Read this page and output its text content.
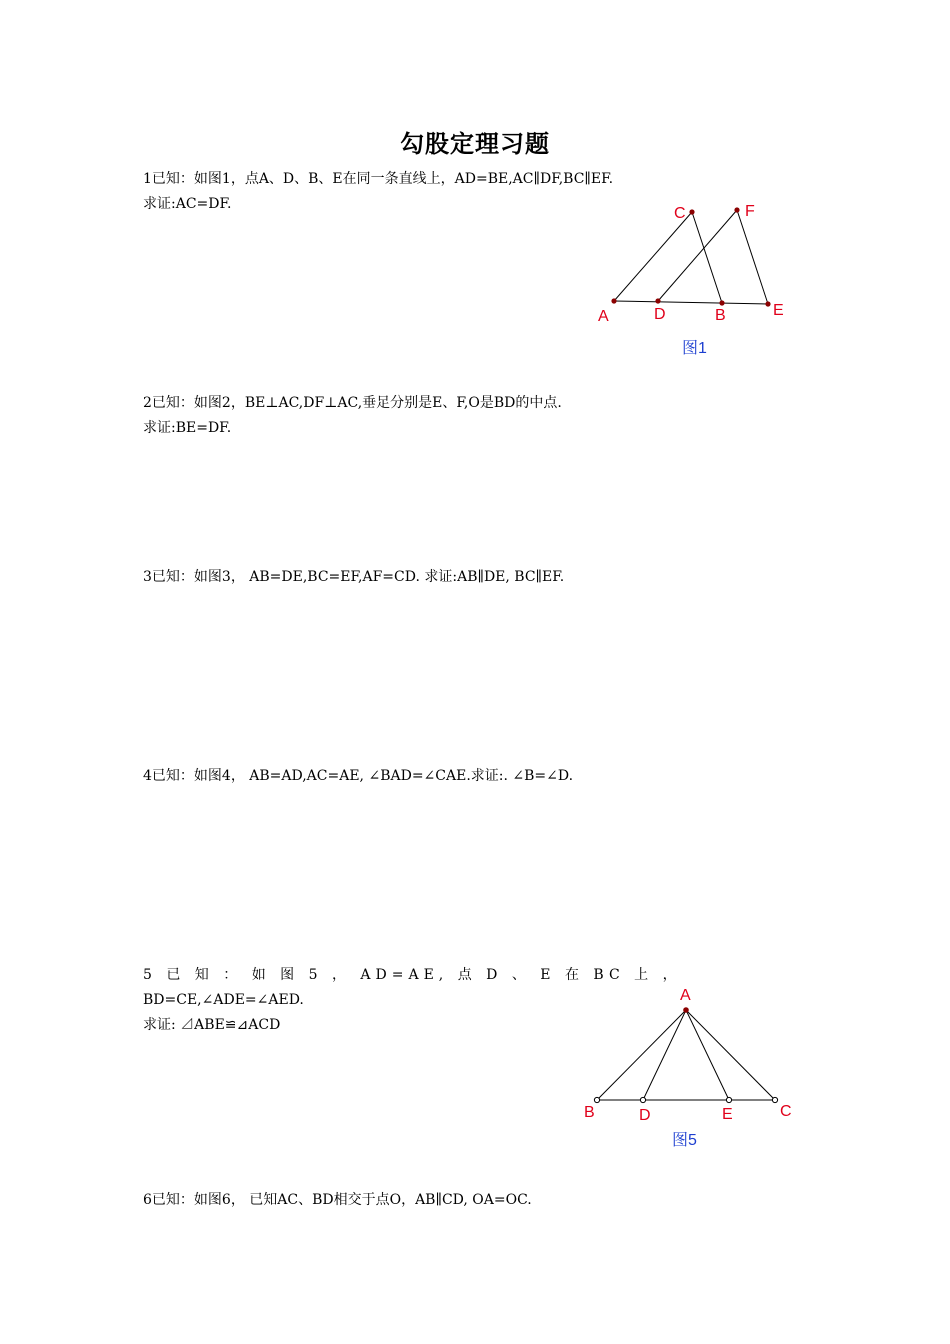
勾股定理习题
1已知：如图1，点A、D、B、E在同一条直线上，AD=BE,AC∥DF,BC∥EF.
求证:AC=DF.
C	F
A	D	B	E
图1
2已知：如图2，BE⊥AC,DF⊥AC,垂足分别是E、F,O是BD的中点.
求证:BE=DF.
3已知：如图3， AB=DE,BC=EF,AF=CD. 求证:AB∥DE, BC∥EF.
4已知：如图4， AB=AD,AC=AE, ∠BAD=∠CAE.求证:. ∠B=∠D.
5 已 知 ： 如 图 5 ， AD=AE, 点 D 、 E 在 BC 上 ，
BD=CE,∠ADE=∠AED.
求证: ⊿ABE≌⊿ACD
A
B	D	E	C
图5
6已知：如图6， 已知AC、BD相交于点O，AB∥CD, OA=OC.
